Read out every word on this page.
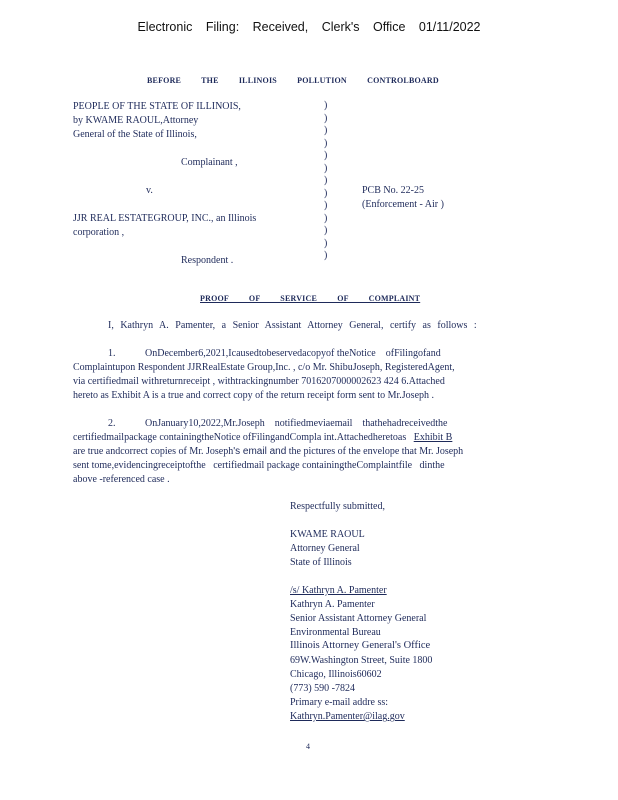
Electronic Filing: Received, Clerk's Office 01/11/2022
BEFORE THE ILLINOIS POLLUTION CONTROLBOARD
PEOPLE OF THE STATE OF ILLINOIS,
by KWAME RAOUL,Attorney
General of the State of Illinois,
Complainant ,
v.	PCB No. 22-25
(Enforcement - Air )
JJR REAL ESTATEGROUP, INC., an Illinois
corporation ,
Respondent .
)
)
)
)
)
)
)
)
)
)
)
)
)
PROOF OF SERVICE OF COMPLAINT
I, Kathryn A. Pamenter, a Senior Assistant Attorney General, certify as follows :
1.	OnDecember6,2021,Icausedtobeservedacopyof theNotice    ofFilingofand
Complaintupon Respondent JJRRealEstate Group,Inc. , c/o Mr. ShibuJoseph, RegisteredAgent,
via certifiedmail withreturnreceipt , withtrackingnumber 7016207000002623 424 6.Attached
hereto as Exhibit A is a true and correct copy of the return receipt form sent to Mr.Joseph .
2.	OnJanuary10,2022,Mr.Joseph    notifiedmeviaemail    thathehadreceivedthe
certifiedmailpackage containingtheNotice ofFilingandCompla int.Attachedheretoas Exhibit B
are true andcorrect copies of Mr. Joseph's email and the pictures of the envelope that Mr. Joseph
sent tome,evidencingreceiptofthe   certifiedmail package containingtheComplaintfile   dinthe
above -referenced case .
Respectfully submitted,
KWAME RAOUL
Attorney General
State of Illinois
/s/ Kathryn A. Pamenter
Kathryn A. Pamenter
Senior Assistant Attorney General
Environmental Bureau
Illinois Attorney General's Office
69W.Washington Street, Suite 1800
Chicago, Illinois60602
(773) 590 -7824
Primary e-mail addre ss:
Kathryn.Pamenter@ilag.gov
4
